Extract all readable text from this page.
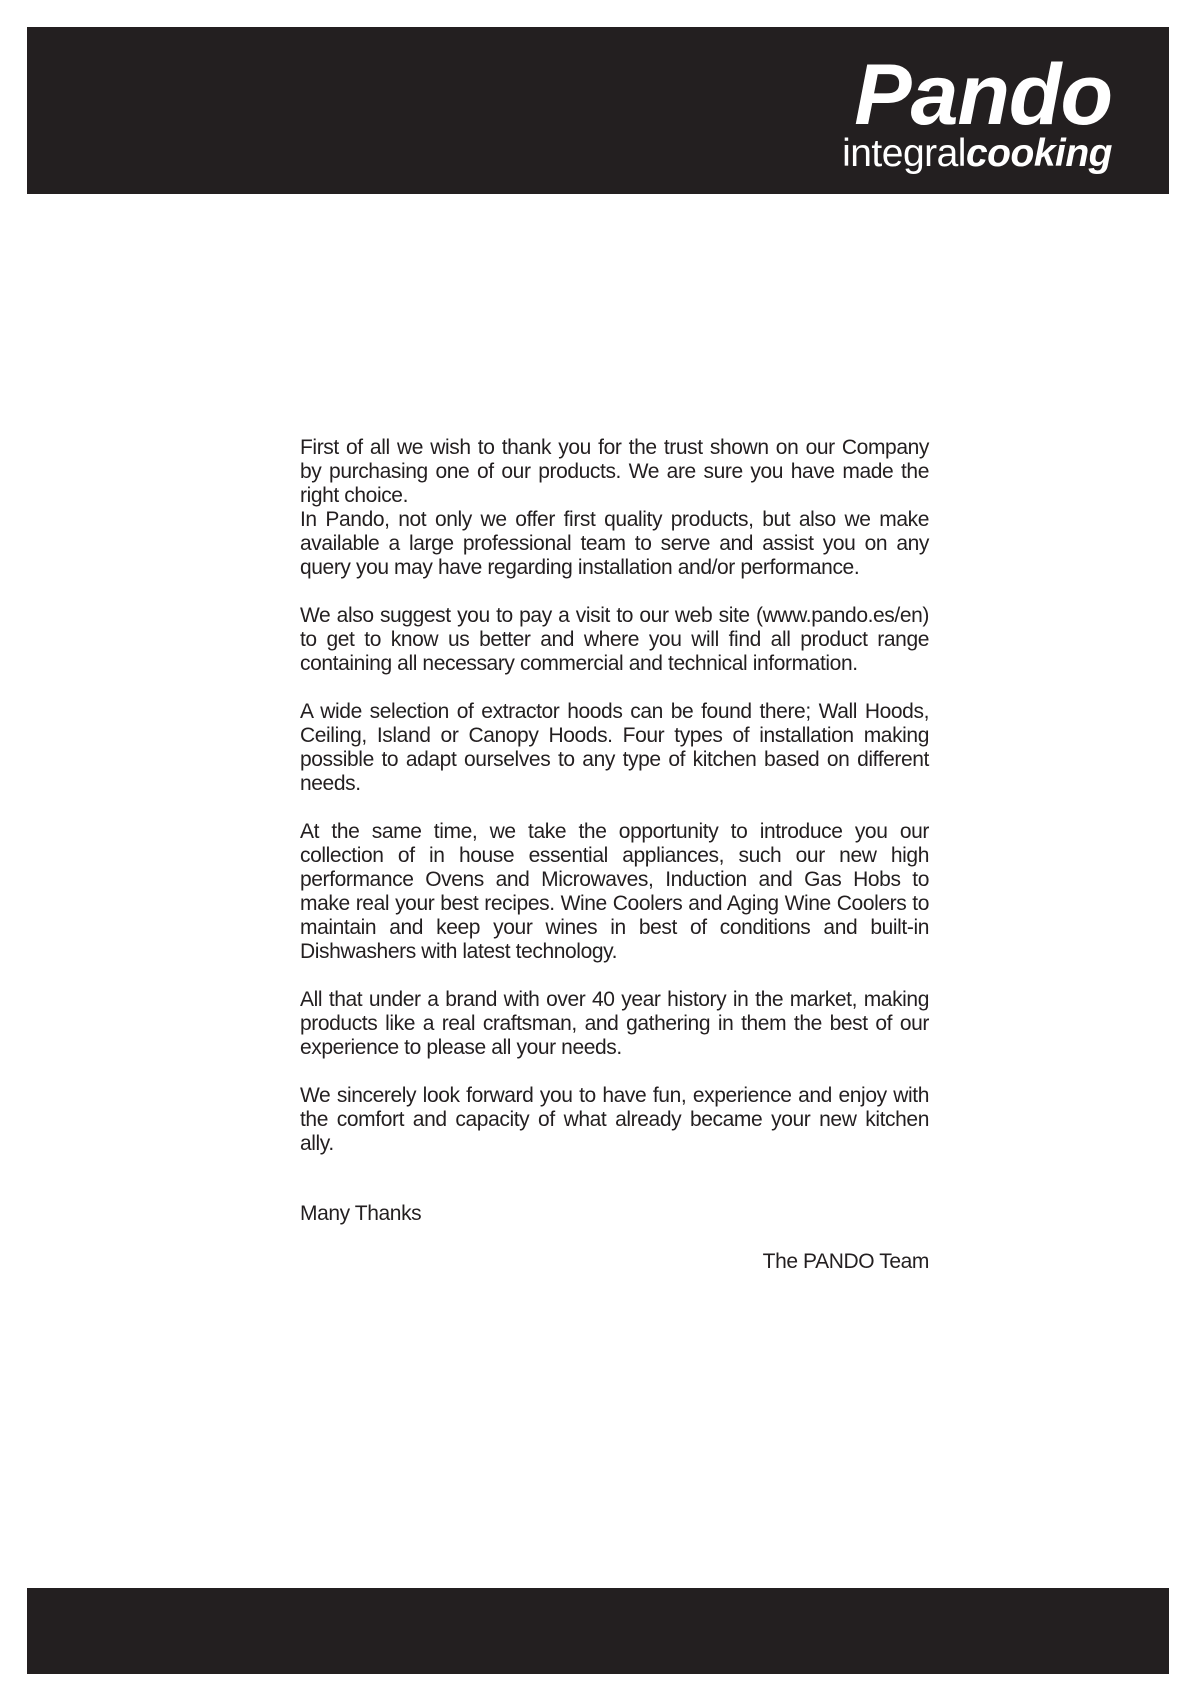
Pando
integralcooking

First of all we wish to thank you for the trust shown on our Company by purchasing one of our products. We are sure you have made the right choice.

In Pando, not only we offer first quality products, but also we make available a large professional team to serve and assist you on any query you may have regarding installation and/or performance.

We also suggest you to pay a visit to our web site (www.pando.es/en) to get to know us better and where you will find all product range containing all necessary commercial and technical information.

A wide selection of extractor hoods can be found there; Wall Hoods, Ceiling, Island or Canopy Hoods. Four types of installation making possible to adapt ourselves to any type of kitchen based on different needs.

At the same time, we take the opportunity to introduce you our collection of in house essential appliances, such our new high performance Ovens and Microwaves, Induction and Gas Hobs to make real your best recipes. Wine Coolers and Aging Wine Coolers to maintain and keep your wines in best of conditions and built-in Dishwashers with latest technology.

All that under a brand with over 40 year history in the market, making products like a real craftsman, and gathering in them the best of our experience to please all your needs.

We sincerely look forward you to have fun, experience and enjoy with the comfort and capacity of what already became your new kitchen ally.

Many Thanks
The PANDO Team
